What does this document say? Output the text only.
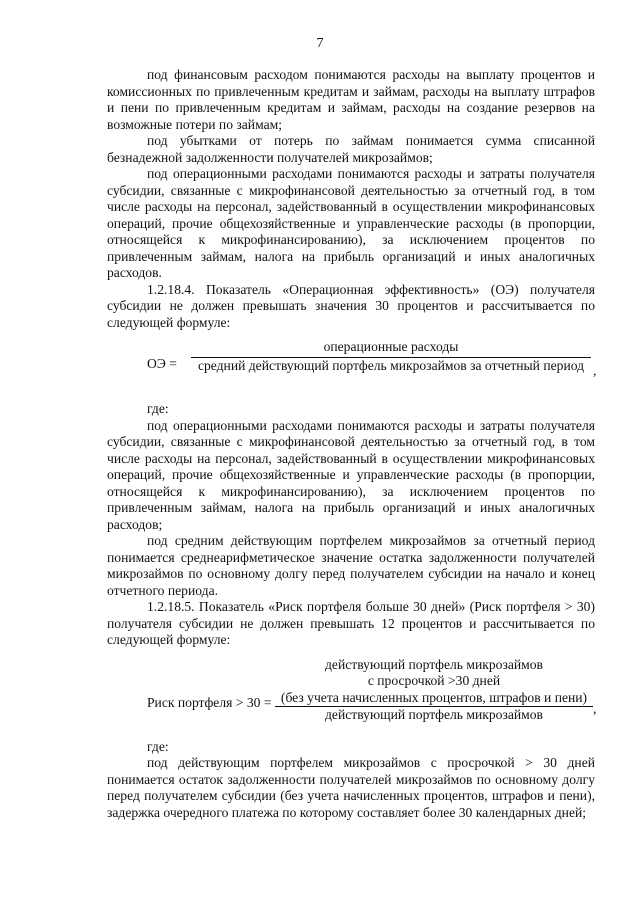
7

под финансовым расходом понимаются расходы на выплату процентов и комиссионных по привлеченным кредитам и займам, расходы на выплату штрафов и пени по привлеченным кредитам и займам, расходы на создание резервов на возможные потери по займам;

под убытками от потерь по займам понимается сумма списанной безнадежной задолженности получателей микрозаймов;

под операционными расходами понимаются расходы и затраты получателя субсидии, связанные с микрофинансовой деятельностью за отчетный год, в том числе расходы на персонал, задействованный в осуществлении микрофинансовых операций, прочие общехозяйственные и управленческие расходы (в пропорции, относящейся к микрофинансированию), за исключением процентов по привлеченным займам, налога на прибыль организаций и иных аналогичных расходов.

1.2.18.4. Показатель «Операционная эффективность» (ОЭ) получателя субсидии не должен превышать значения 30 процентов и рассчитывается по следующей формуле:

ОЭ =
операционные расходы
средний действующий портфель микрозаймов за отчетный период ,

где:

под операционными расходами понимаются расходы и затраты получателя субсидии, связанные с микрофинансовой деятельностью за отчетный год, в том числе расходы на персонал, задействованный в осуществлении микрофинансовых операций, прочие общехозяйственные и управленческие расходы (в пропорции, относящейся к микрофинансированию), за исключением процентов по привлеченным займам, налога на прибыль организаций и иных аналогичных расходов;

под средним действующим портфелем микрозаймов за отчетный период понимается среднеарифметическое значение остатка задолженности получателей микрозаймов по основному долгу перед получателем субсидии на начало и конец отчетного периода.

1.2.18.5. Показатель «Риск портфеля больше 30 дней» (Риск портфеля > 30) получателя субсидии не должен превышать 12 процентов и рассчитывается по следующей формуле:

Риск портфеля > 30 =
действующий портфель микрозаймов
с просрочкой >30 дней
(без учета начисленных процентов, штрафов и пени)
действующий портфель микрозаймов	,

где:

под действующим портфелем микрозаймов с просрочкой > 30 дней понимается остаток задолженности получателей микрозаймов по основному долгу перед получателем субсидии (без учета начисленных процентов, штрафов и пени), задержка очередного платежа по которому составляет более 30 календарных дней;
